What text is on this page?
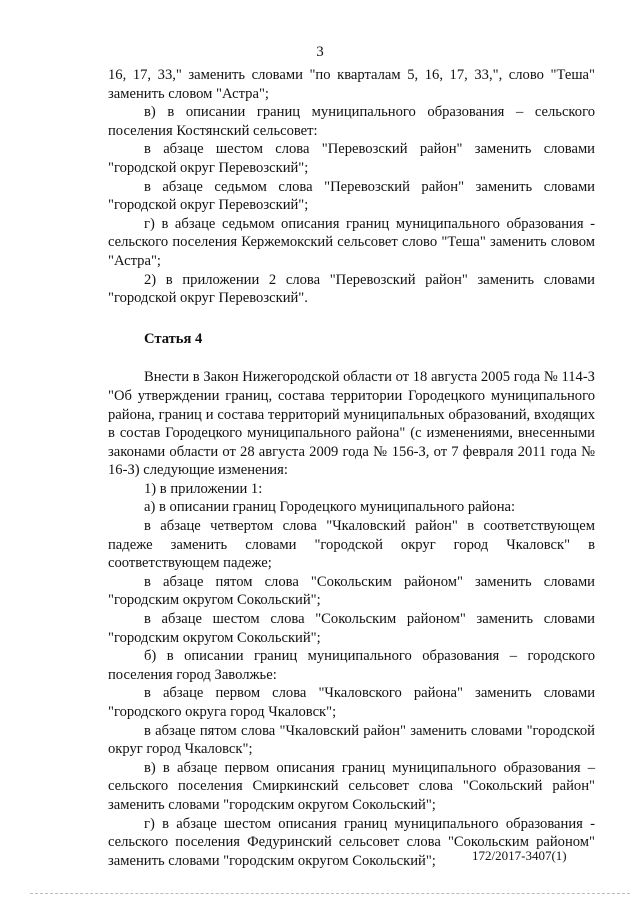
3

16, 17, 33," заменить словами "по кварталам 5, 16, 17, 33,", слово "Теша" заменить словом "Астра";

в) в описании границ муниципального образования – сельского поселения Костянский сельсовет:

в абзаце шестом слова "Перевозский район" заменить словами "городской округ Перевозский";

в абзаце седьмом слова "Перевозский район" заменить словами "городской округ Перевозский";

г) в абзаце седьмом описания границ муниципального образования - сельского поселения Кержемокский сельсовет слово "Теша" заменить словом "Астра";

2) в приложении 2 слова "Перевозский район" заменить словами "городской округ Перевозский".

Статья 4

Внести в Закон Нижегородской области от 18 августа 2005 года № 114-З "Об утверждении границ, состава территории Городецкого муниципального района, границ и состава территорий муниципальных образований, входящих в состав Городецкого муниципального района" (с изменениями, внесенными законами области от 28 августа 2009 года № 156-З, от 7 февраля 2011 года № 16-З) следующие изменения:

1) в приложении 1:

а) в описании границ Городецкого муниципального района:

в абзаце четвертом слова "Чкаловский район" в соответствующем падеже заменить словами "городской округ город Чкаловск" в соответствующем падеже;

в абзаце пятом слова "Сокольским районом" заменить словами "городским округом Сокольский";

в абзаце шестом слова "Сокольским районом" заменить словами "городским округом Сокольский";

б) в описании границ муниципального образования – городского поселения город Заволжье:

в абзаце первом слова "Чкаловского района" заменить словами "городского округа город Чкаловск";

в абзаце пятом слова "Чкаловский район" заменить словами "городской округ город Чкаловск";

в) в абзаце первом описания границ муниципального образования – сельского поселения Смиркинский сельсовет слова "Сокольский район" заменить словами "городским округом Сокольский";

г) в абзаце шестом описания границ муниципального образования - сельского поселения Федуринский сельсовет слова "Сокольским районом" заменить словами "городским округом Сокольский";	172/2017-3407(1)
